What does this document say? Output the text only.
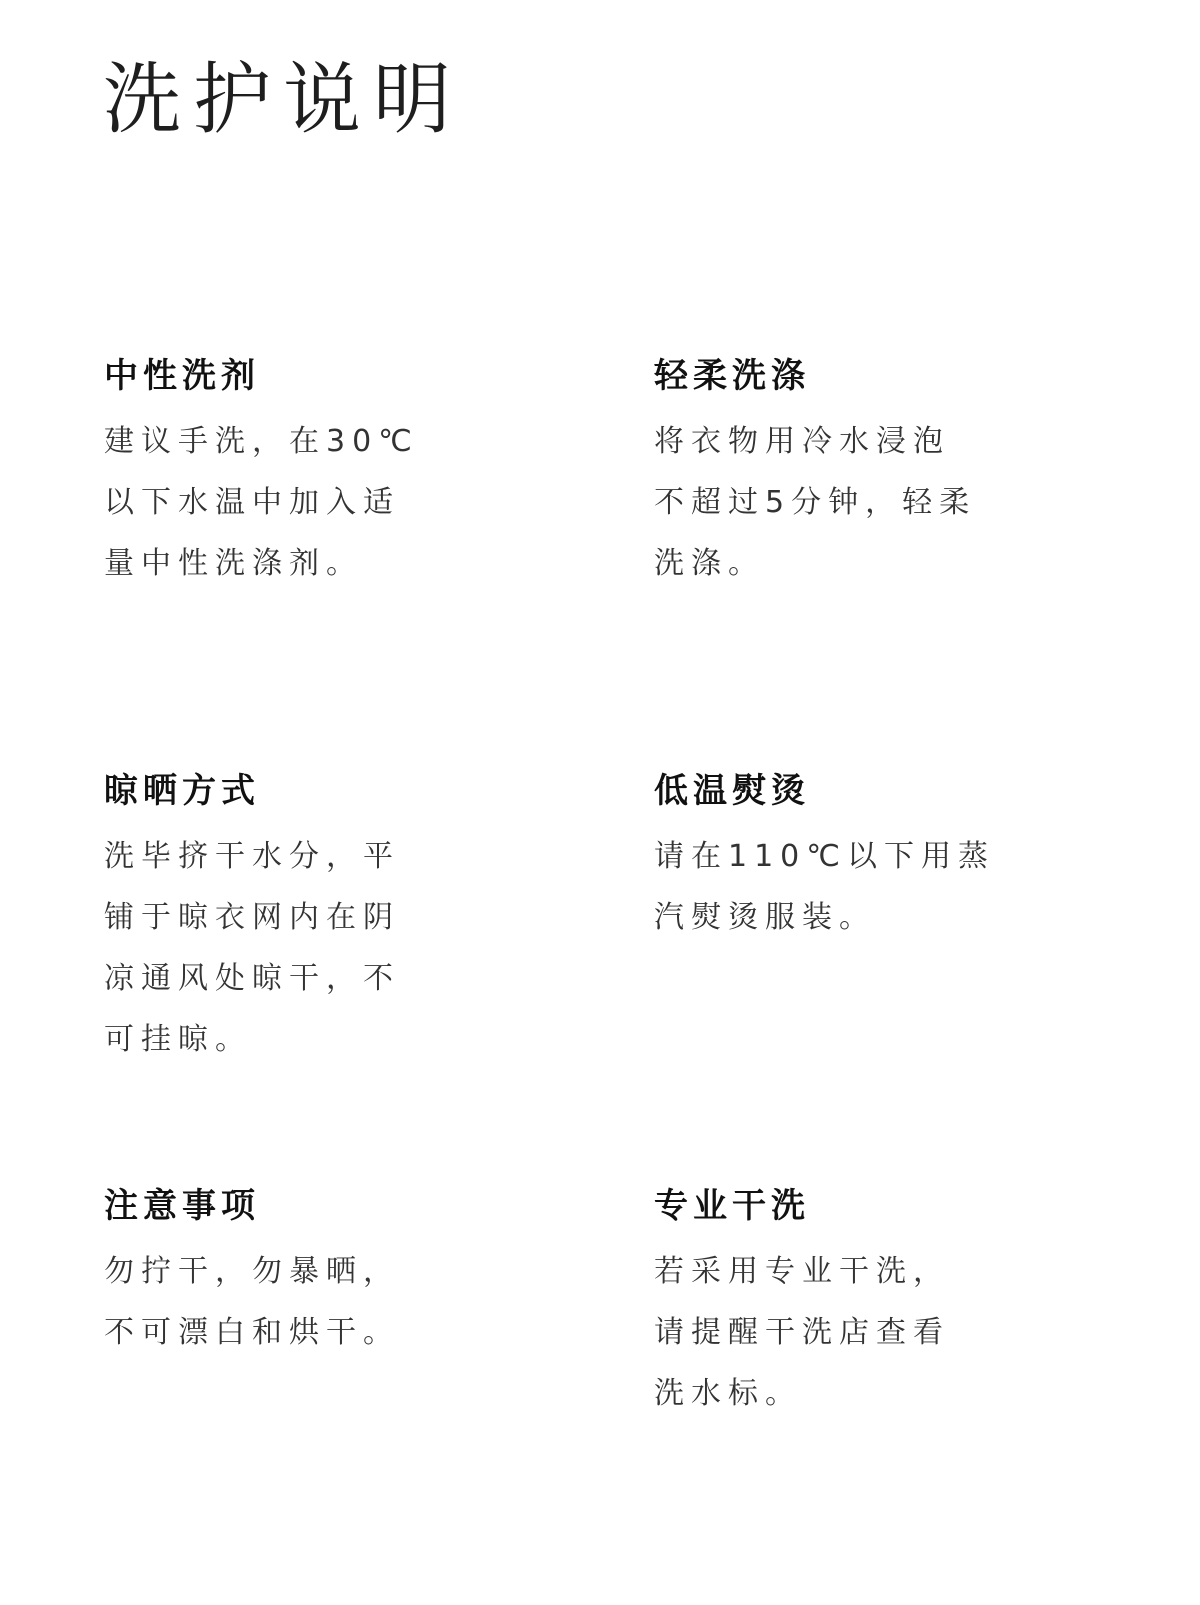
洗护说明
中性洗剂

建议手洗，在30℃
以下水温中加入适
量中性洗涤剂。

轻柔洗涤

将衣物用冷水浸泡
不超过5分钟，轻柔
洗涤。

晾晒方式

洗毕挤干水分，平
铺于晾衣网内在阴
凉通风处晾干，不
可挂晾。

低温熨烫

请在110℃以下用蒸
汽熨烫服装。

注意事项

勿拧干，勿暴晒，
不可漂白和烘干。

专业干洗

若采用专业干洗，
请提醒干洗店查看
洗水标。
